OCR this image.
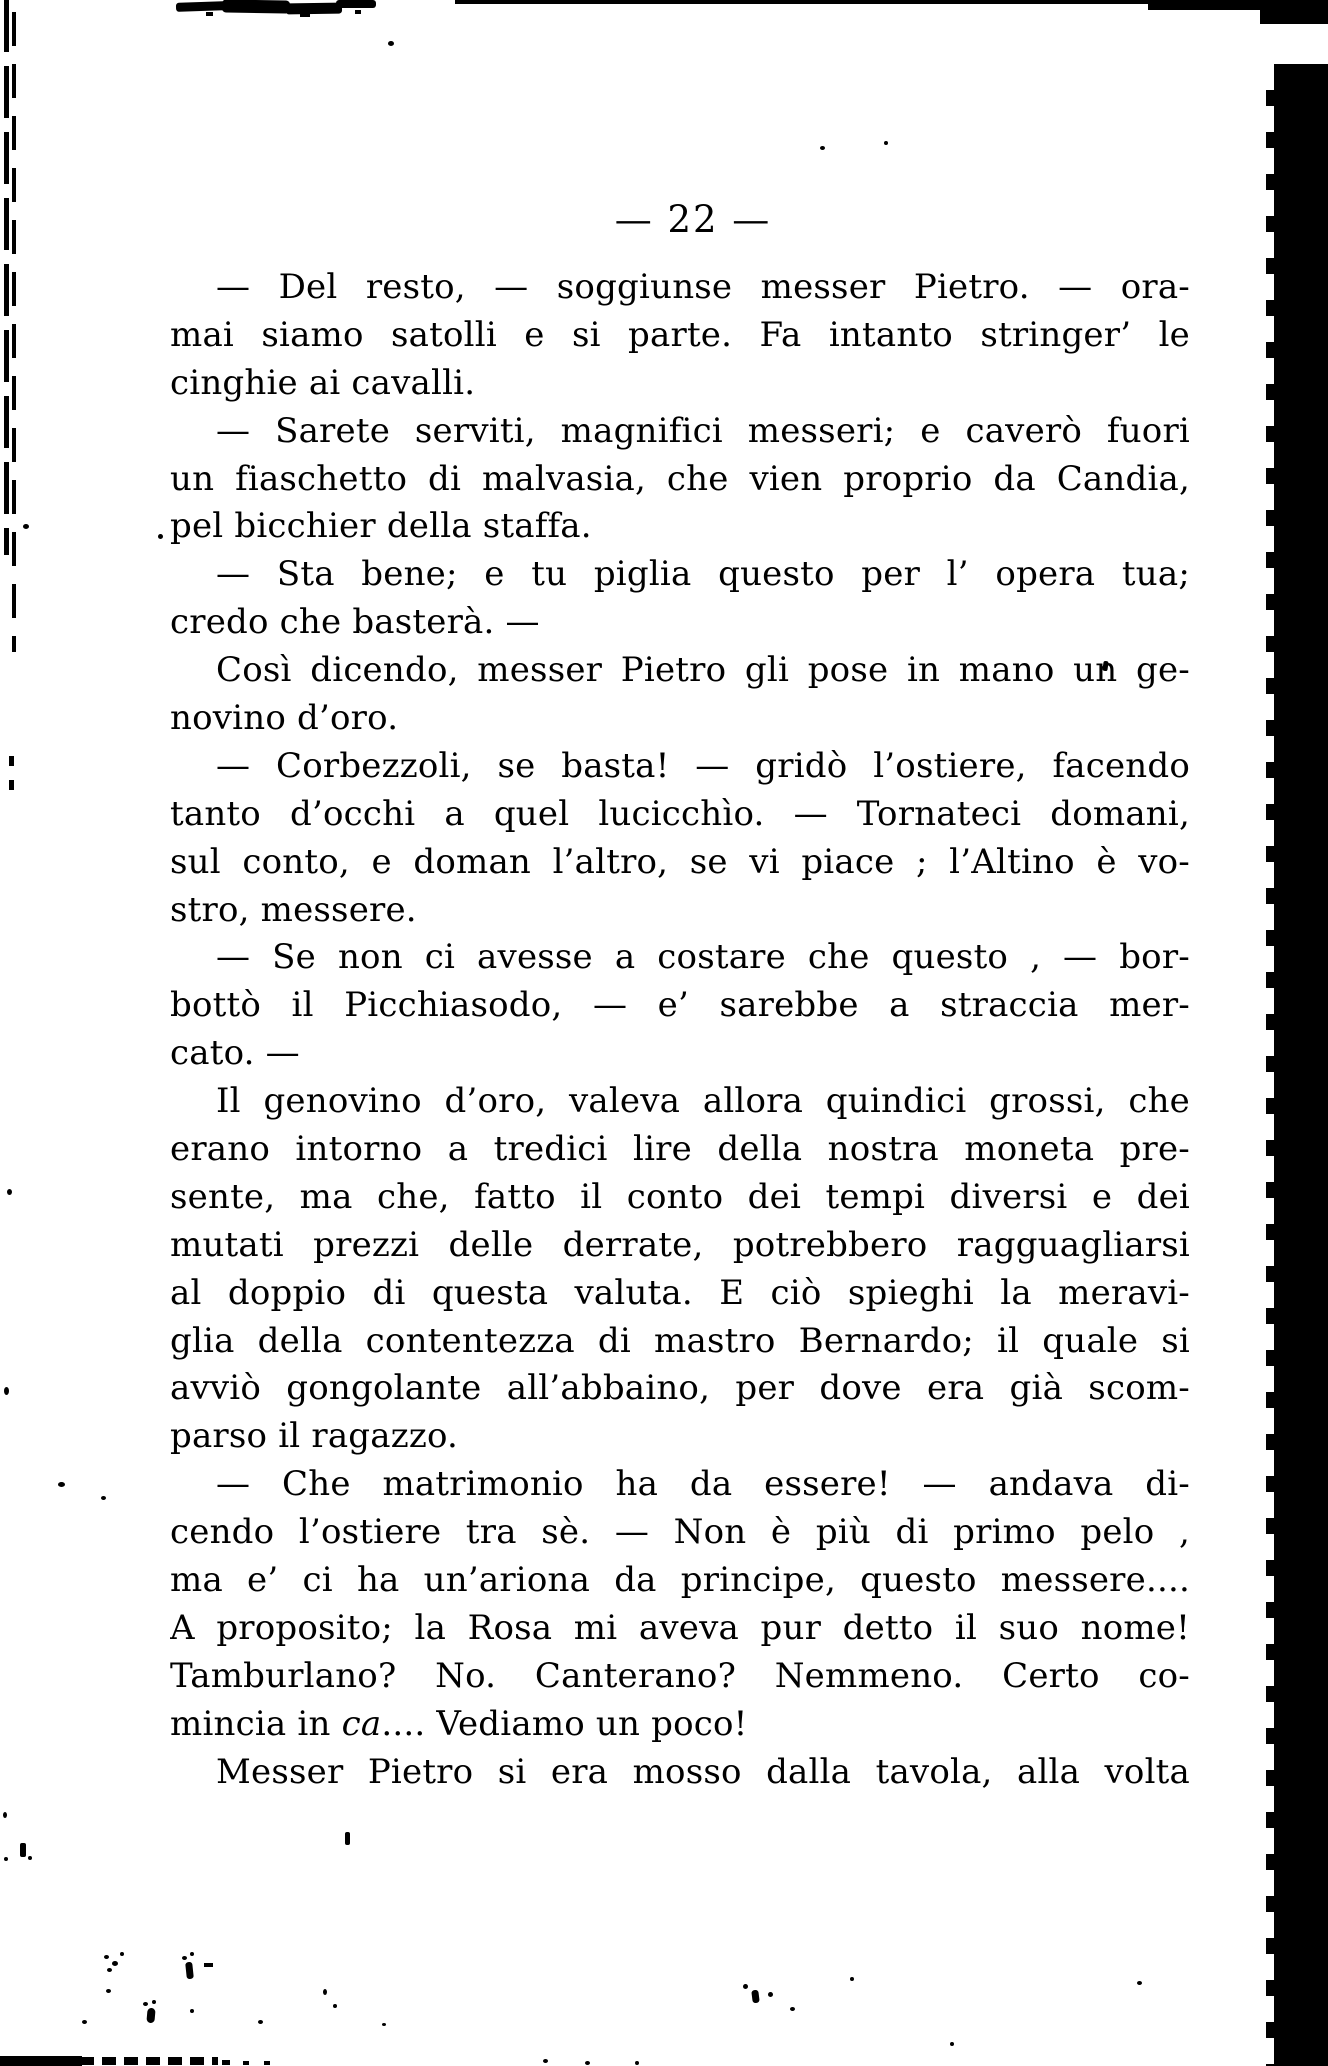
— 22 —

— Del resto, — soggiunse messer Pietro. — ora-

mai siamo satolli e si parte. Fa intanto stringer’ le

cinghie ai cavalli.

— Sarete serviti, magnifici messeri; e caverò fuori

un fiaschetto di malvasia, che vien proprio da Candia,

pel bicchier della staffa.

— Sta bene; e tu piglia questo per l’ opera tua;

credo che basterà. —

Così dicendo, messer Pietro gli pose in mano un ge-

novino d’oro.

— Corbezzoli, se basta! — gridò l’ostiere, facendo

tanto d’occhi a quel lucicchìo. — Tornateci domani,

sul conto, e doman l’altro, se vi piace ; l’Altino è vo-

stro, messere.

— Se non ci avesse a costare che questo , — bor-

bottò il Picchiasodo, — e’ sarebbe a straccia mer-

cato. —

Il genovino d’oro, valeva allora quindici grossi, che

erano intorno a tredici lire della nostra moneta pre-

sente, ma che, fatto il conto dei tempi diversi e dei

mutati prezzi delle derrate, potrebbero ragguagliarsi

al doppio di questa valuta. E ciò spieghi la meravi-

glia della contentezza di mastro Bernardo; il quale si

avviò gongolante all’abbaino, per dove era già scom-

parso il ragazzo.

— Che matrimonio ha da essere! — andava di-

cendo l’ostiere tra sè. — Non è più di primo pelo ,

ma e’ ci ha un’ariona da principe, questo messere....

A proposito; la Rosa mi aveva pur detto il suo nome!

Tamburlano? No. Canterano? Nemmeno. Certo co-

mincia in ca.... Vediamo un poco!

Messer Pietro si era mosso dalla tavola, alla volta
